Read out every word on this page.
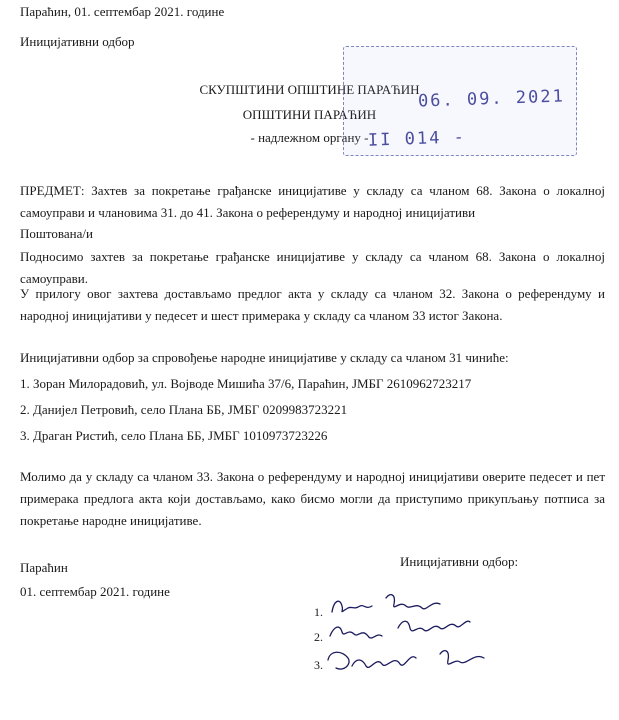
Параћин, 01. септембар 2021. године
Иницијативни одбор
СКУПШТИНИ ОПШТИНЕ ПАРАЋИН
ОПШТИНИ ПАРАЋИН
- надлежном органу -
06. 09. 2021
II 014 -
ПРЕДМЕТ: Захтев за покретање грађанске иницијативе у складу са чланом 68. Закона о локалној самоуправи и члановима 31. до 41. Закона о референдуму и народној иницијативи
Поштована/и
Подносимо захтев за покретање грађанске иницијативе у складу са чланом 68. Закона о локалној самоуправи.
У прилогу овог захтева достављамо предлог акта у складу са чланом 32. Закона о референдуму и народној иницијативи у педесет и шест примерака у складу са чланом 33 истог Закона.
Иницијативни одбор за спровођење народне иницијативе у складу са чланом 31 чиниће:
1. Зоран Милорадовић, ул. Војводе Мишића 37/6, Параћин, ЈМБГ 2610962723217
2. Данијел Петровић, село Плана ББ, ЈМБГ 0209983723221
3. Драган Ристић, село Плана ББ, ЈМБГ 1010973723226
Молимо да у складу са чланом 33. Закона о референдуму и народној иницијативи оверите педесет и пет примерака предлога акта који достављамо, како бисмо могли да приступимо прикупљању потписа за покретање народне иницијативе.
Параћин
01. септембар 2021. године
Иницијативни одбор:
1.
2.
3.
